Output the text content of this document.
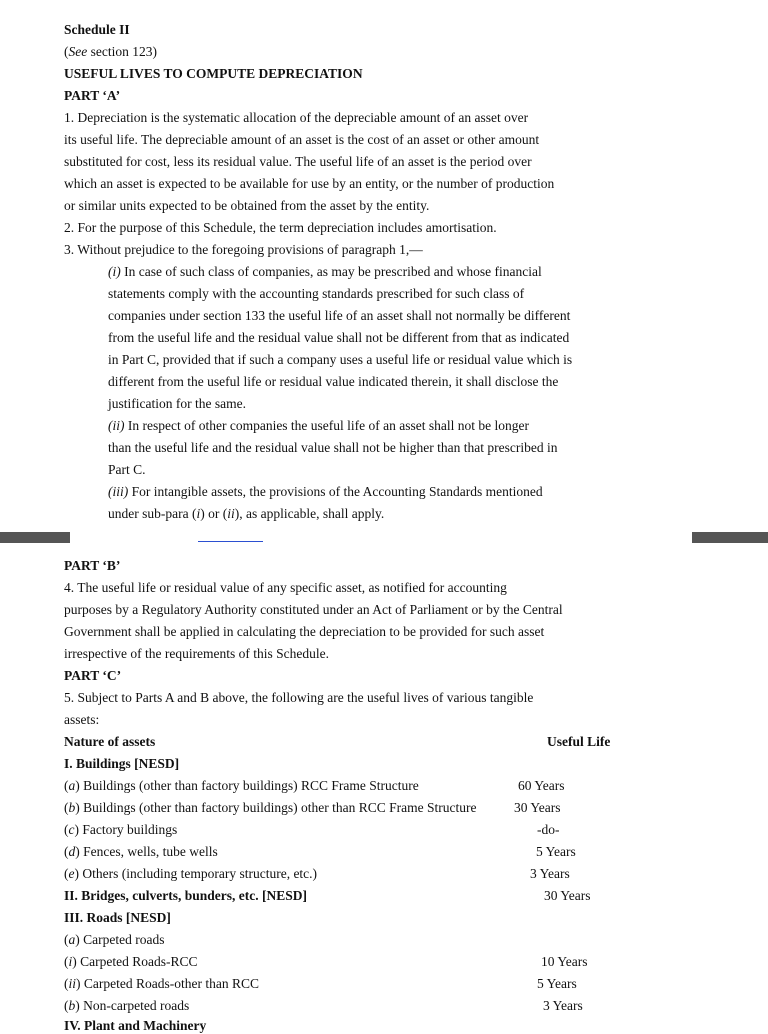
Schedule II
(See section 123)
USEFUL LIVES TO COMPUTE DEPRECIATION
PART ‘A’
1. Depreciation is the systematic allocation of the depreciable amount of an asset over
its useful life. The depreciable amount of an asset is the cost of an asset or other amount
substituted for cost, less its residual value. The useful life of an asset is the period over
which an asset is expected to be available for use by an entity, or the number of production
or similar units expected to be obtained from the asset by the entity.
2. For the purpose of this Schedule, the term depreciation includes amortisation.
3. Without prejudice to the foregoing provisions of paragraph 1,—
(i) In case of such class of companies, as may be prescribed and whose financial
statements comply with the accounting standards prescribed for such class of
companies under section 133 the useful life of an asset shall not normally be different
from the useful life and the residual value shall not be different from that as indicated
in Part C, provided that if such a company uses a useful life or residual value which is
different from the useful life or residual value indicated therein, it shall disclose the
justification for the same.
(ii) In respect of other companies the useful life of an asset shall not be longer
than the useful life and the residual value shall not be higher than that prescribed in
Part C.
(iii) For intangible assets, the provisions of the Accounting Standards mentioned
under sub-para (i) or (ii), as applicable, shall apply.
PART ‘B’
4. The useful life or residual value of any specific asset, as notified for accounting
purposes by a Regulatory Authority constituted under an Act of Parliament or by the Central
Government shall be applied in calculating the depreciation to be provided for such asset
irrespective of the requirements of this Schedule.
PART ‘C’
5. Subject to Parts A and B above, the following are the useful lives of various tangible
assets:
Nature of assets	Useful Life
I. Buildings [NESD]
(a) Buildings (other than factory buildings) RCC Frame Structure	60 Years
(b) Buildings (other than factory buildings) other than RCC Frame Structure	30 Years
(c) Factory buildings	-do-
(d) Fences, wells, tube wells	5 Years
(e) Others (including temporary structure, etc.)	3 Years
II. Bridges, culverts, bunders, etc. [NESD]	30 Years
III. Roads [NESD]
(a) Carpeted roads
(i) Carpeted Roads-RCC	10 Years
(ii) Carpeted Roads-other than RCC	5 Years
(b) Non-carpeted roads	3 Years
IV. Plant and Machinery
